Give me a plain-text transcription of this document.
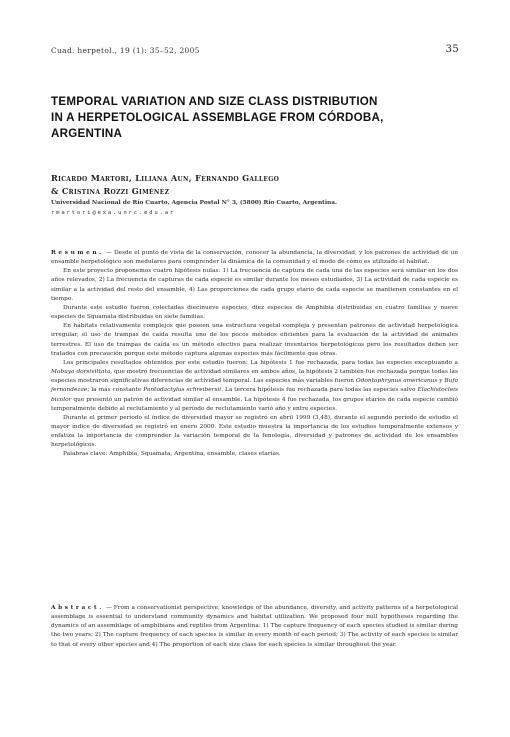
Cuad. herpetol., 19 (1): 35–52, 2005	35
TEMPORAL VARIATION AND SIZE CLASS DISTRIBUTION
IN A HERPETOLOGICAL ASSEMBLAGE FROM CÓRDOBA,
ARGENTINA
Ricardo Martori, Liliana Aun, Fernando Gallego
& Cristina Rozzi Giménez
Universidad Nacional de Río Cuarto, Agencia Postal N° 3, (5800) Río Cuarto, Argentina.
rmartori@exa.unrc.edu.ar

Resumen. — Desde el punto de vista de la conservación, conocer la abundancia, la diversidad, y los patrones de actividad de un ensamble herpetológico son medulares para comprender la dinámica de la comunidad y el modo de cómo es utilizado el hábitat.

En este proyecto proponemos cuatro hipótesis nulas: 1) La frecuencia de captura de cada una de las especies será similar en los dos años relevados, 2) La frecuencia de capturas de cada especie es similar durante los meses estudiados, 3) La actividad de cada especie es similar a la actividad del resto del ensamble, 4) Las proporciones de cada grupo etario de cada especie se mantienen constantes en el tiempo.

Durante este estudio fueron colectadas diecinueve especies, diez especies de Amphibia distribuidas en cuatro familias y nueve especies de Squamata distribuidas en siete familias.

En hábitats relativamente complejos que poseen una estructura vegetal compleja y presentan patrones de actividad herpetológica irregular, el uso de trampas de caída resulta uno de los pocos métodos eficientes para la evaluación de la actividad de animales terrestres. El uso de trampas de caída es un método efectivo para realizar inventarios herpetológicos pero los resultados deben ser tratados con precaución porque este método captura algunas especies más fácilmente que otras.

Los principales resultados obtenidos por este estudio fueron: La hipótesis 1 fue rechazada, para todas las especies exceptuando a Mabuya dorsivittata, que mostró frecuencias de actividad similares en ambos años, la hipótesis 2 también fue rechazada porque todas las especies mostraron significativas diferencias de actividad temporal. Las especies más variables fueron Odontophrynus americanus y Bufo fernandezae; la más constante Pantodactylus schreibersii. La tercera hipótesis fue rechazada para todas las especies salvo Elachistocleis bicolor que presentó un patrón de actividad similar al ensamble. La hipótesis 4 fue rechazada, los grupos etarios de cada especie cambió temporalmente debido al reclutamiento y al período de reclutamiento varió año y entre especies.

Durante el primer período el índice de diversidad mayor se registró en abril 1999 (3,48), durante el segundo período de estudio el mayor índice de diversidad se registró en enero 2000. Este estudio muestra la importancia de los estudios temporalmente extensos y enfatiza la importancia de comprender la variación temporal de la fenología, diversidad y patrones de actividad de los ensambles herpetológicos.

Palabras clave: Amphibia, Squamata, Argentina, ensamble, clases etarias.

Abstract. — From a conservationist perspective, knowledge of the abundance, diversity, and activity patterns of a herpetological assemblage is essential to understand community dynamics and habitat utilization. We proposed four null hypotheses regarding the dynamics of an assemblage of amphibians and reptiles from Argentina: 1) The capture frequency of each species studied is similar during the two years; 2) The capture frequency of each species is similar in every month of each period; 3) The activity of each species is similar to that of every other species and 4) The proportion of each size class for each species is similar throughout the year.
